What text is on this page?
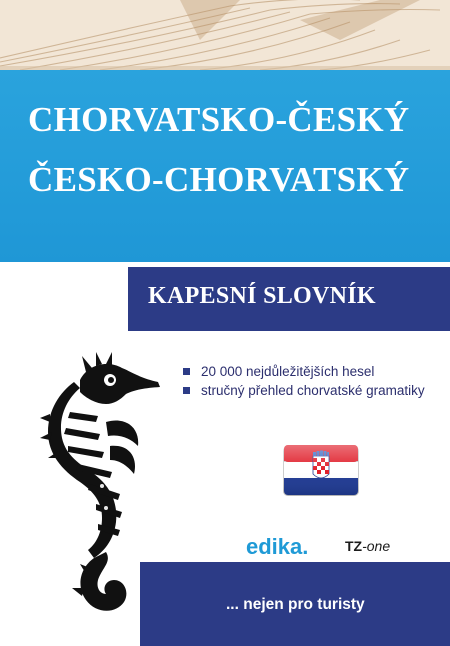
CHORVATSKO-ČESKÝ
ČESKO-CHORVATSKÝ
KAPESNÍ SLOVNÍK
20 000 nejdůležitějších hesel
stručný přehled chorvatské gramatiky
edika.	TZ-one
... nejen pro turisty
